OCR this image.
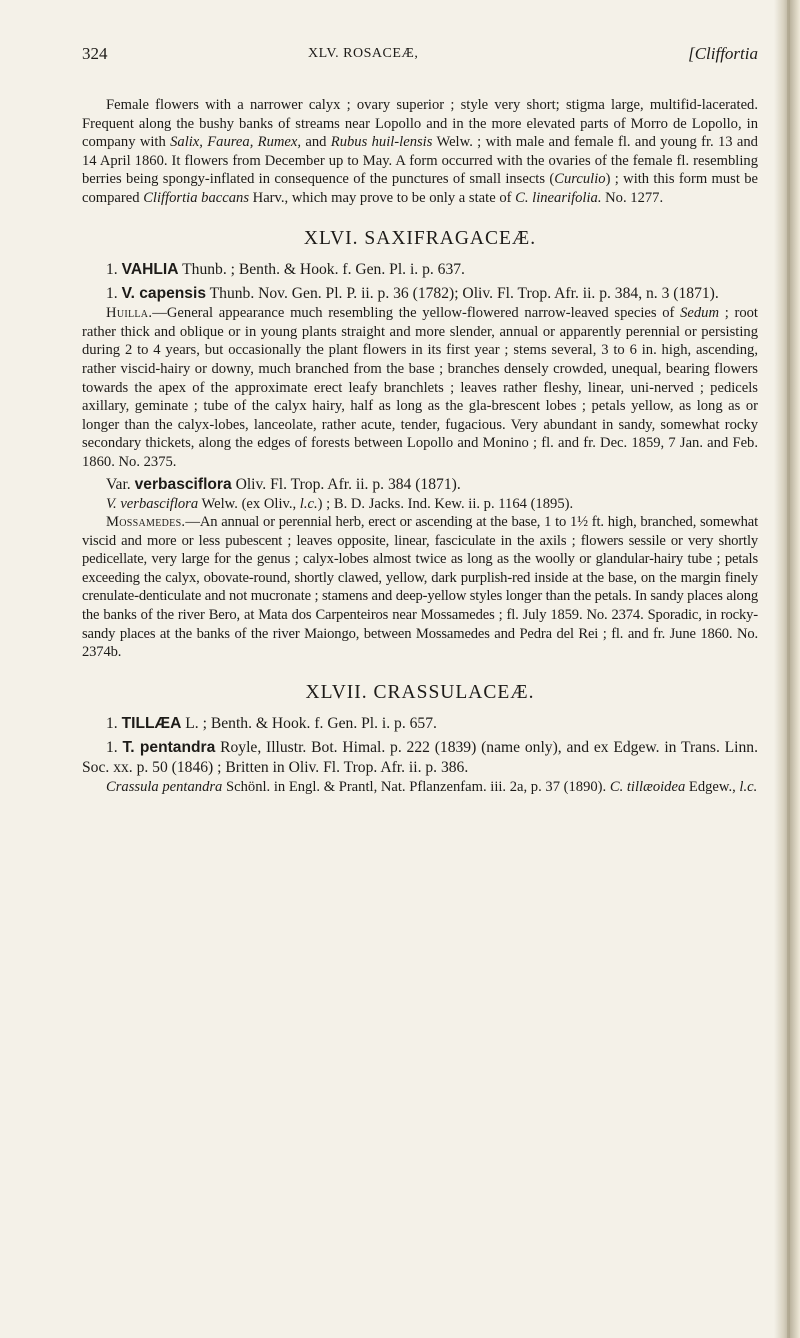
324	XLV. ROSACEÆ,	[Cliffortia

Female flowers with a narrower calyx ; ovary superior ; style very short; stigma large, multifid-lacerated. Frequent along the bushy banks of streams near Lopollo and in the more elevated parts of Morro de Lopollo, in company with Salix, Faurea, Rumex, and Rubus huil-lensis Welw. ; with male and female fl. and young fr. 13 and 14 April 1860. It flowers from December up to May. A form occurred with the ovaries of the female fl. resembling berries being spongy-inflated in consequence of the punctures of small insects (Curculio) ; with this form must be compared Cliffortia baccans Harv., which may prove to be only a state of C. linearifolia. No. 1277.

XLVI. SAXIFRAGACEÆ.

1. VAHLIA Thunb. ; Benth. & Hook. f. Gen. Pl. i. p. 637.

1. V. capensis Thunb. Nov. Gen. Pl. P. ii. p. 36 (1782); Oliv. Fl. Trop. Afr. ii. p. 384, n. 3 (1871).

Huilla.—General appearance much resembling the yellow-flowered narrow-leaved species of Sedum ; root rather thick and oblique or in young plants straight and more slender, annual or apparently perennial or persisting during 2 to 4 years, but occasionally the plant flowers in its first year ; stems several, 3 to 6 in. high, ascending, rather viscid-hairy or downy, much branched from the base ; branches densely crowded, unequal, bearing flowers towards the apex of the approximate erect leafy branchlets ; leaves rather fleshy, linear, uni-nerved ; pedicels axillary, geminate ; tube of the calyx hairy, half as long as the gla-brescent lobes ; petals yellow, as long as or longer than the calyx-lobes, lanceolate, rather acute, tender, fugacious. Very abundant in sandy, somewhat rocky secondary thickets, along the edges of forests between Lopollo and Monino ; fl. and fr. Dec. 1859, 7 Jan. and Feb. 1860. No. 2375.

Var. verbasciflora Oliv. Fl. Trop. Afr. ii. p. 384 (1871).

V. verbasciflora Welw. (ex Oliv., l.c.) ; B. D. Jacks. Ind. Kew. ii. p. 1164 (1895).

Mossamedes.—An annual or perennial herb, erect or ascending at the base, 1 to 1½ ft. high, branched, somewhat viscid and more or less pubescent ; leaves opposite, linear, fasciculate in the axils ; flowers sessile or very shortly pedicellate, very large for the genus ; calyx-lobes almost twice as long as the woolly or glandular-hairy tube ; petals exceeding the calyx, obovate-round, shortly clawed, yellow, dark purplish-red inside at the base, on the margin finely crenulate-denticulate and not mucronate ; stamens and deep-yellow styles longer than the petals. In sandy places along the banks of the river Bero, at Mata dos Carpenteiros near Mossamedes ; fl. July 1859. No. 2374. Sporadic, in rocky-sandy places at the banks of the river Maiongo, between Mossamedes and Pedra del Rei ; fl. and fr. June 1860. No. 2374b.

XLVII. CRASSULACEÆ.

1. TILLÆA L. ; Benth. & Hook. f. Gen. Pl. i. p. 657.

1. T. pentandra Royle, Illustr. Bot. Himal. p. 222 (1839) (name only), and ex Edgew. in Trans. Linn. Soc. xx. p. 50 (1846) ; Britten in Oliv. Fl. Trop. Afr. ii. p. 386.

Crassula pentandra Schönl. in Engl. & Prantl, Nat. Pflanzenfam. iii. 2a, p. 37 (1890). C. tillæoidea Edgew., l.c.
